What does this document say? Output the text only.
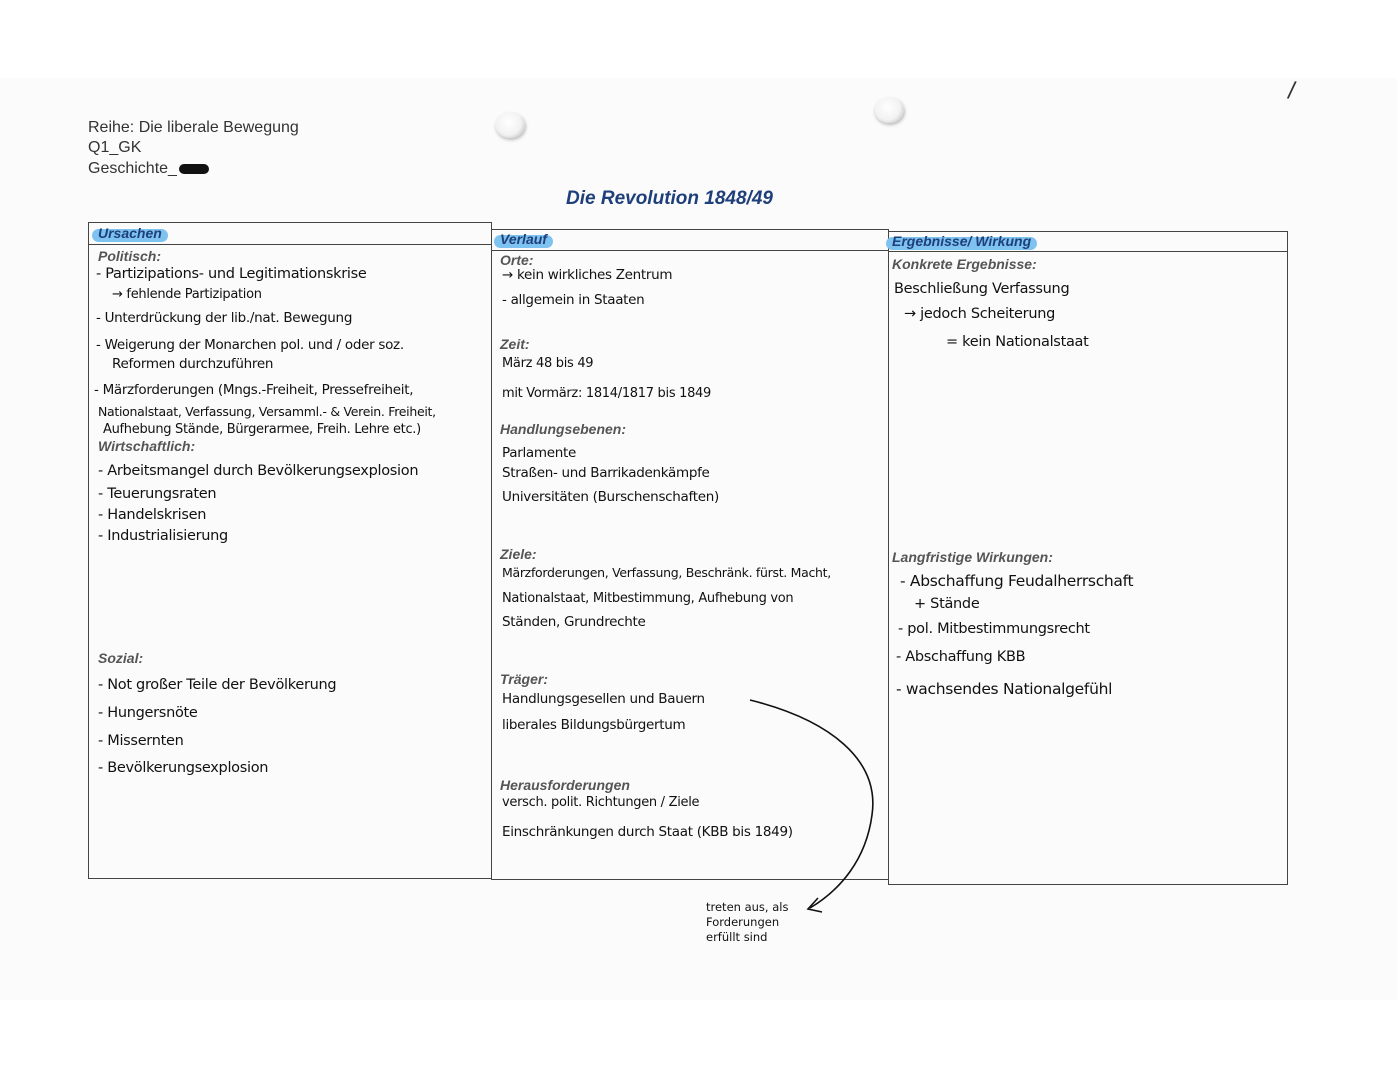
/
Reihe: Die liberale Bewegung
Q1_GK
Geschichte_
Die Revolution 1848/49
Ursachen
Politisch:
- Partizipations- und Legitimationskrise
→ fehlende Partizipation
- Unterdrückung der lib./nat. Bewegung
- Weigerung der Monarchen pol. und / oder soz.
Reformen durchzuführen
- Märzforderungen (Mngs.-Freiheit, Pressefreiheit,
Nationalstaat, Verfassung, Versamml.- & Verein. Freiheit,
Aufhebung Stände, Bürgerarmee, Freih. Lehre etc.)
Wirtschaftlich:
- Arbeitsmangel durch Bevölkerungsexplosion
- Teuerungsraten
- Handelskrisen
- Industrialisierung
Sozial:
- Not großer Teile der Bevölkerung
- Hungersnöte
- Missernten
- Bevölkerungsexplosion
Verlauf
Orte:
→ kein wirkliches Zentrum
- allgemein in Staaten
Zeit:
März 48 bis 49
mit Vormärz: 1814/1817 bis 1849
Handlungsebenen:
Parlamente
Straßen- und Barrikadenkämpfe
Universitäten (Burschenschaften)
Ziele:
Märzforderungen, Verfassung, Beschränk. fürst. Macht,
Nationalstaat, Mitbestimmung, Aufhebung von
Ständen, Grundrechte
Träger:
Handlungsgesellen und Bauern
liberales Bildungsbürgertum
Herausforderungen
versch. polit. Richtungen / Ziele
Einschränkungen durch Staat (KBB bis 1849)
Ergebnisse/ Wirkung
Konkrete Ergebnisse:
Beschließung Verfassung
→ jedoch Scheiterung
= kein Nationalstaat
Langfristige Wirkungen:
- Abschaffung Feudalherrschaft
+ Stände
- pol. Mitbestimmungsrecht
- Abschaffung KBB
- wachsendes Nationalgefühl
treten aus, als
Forderungen
erfüllt sind
